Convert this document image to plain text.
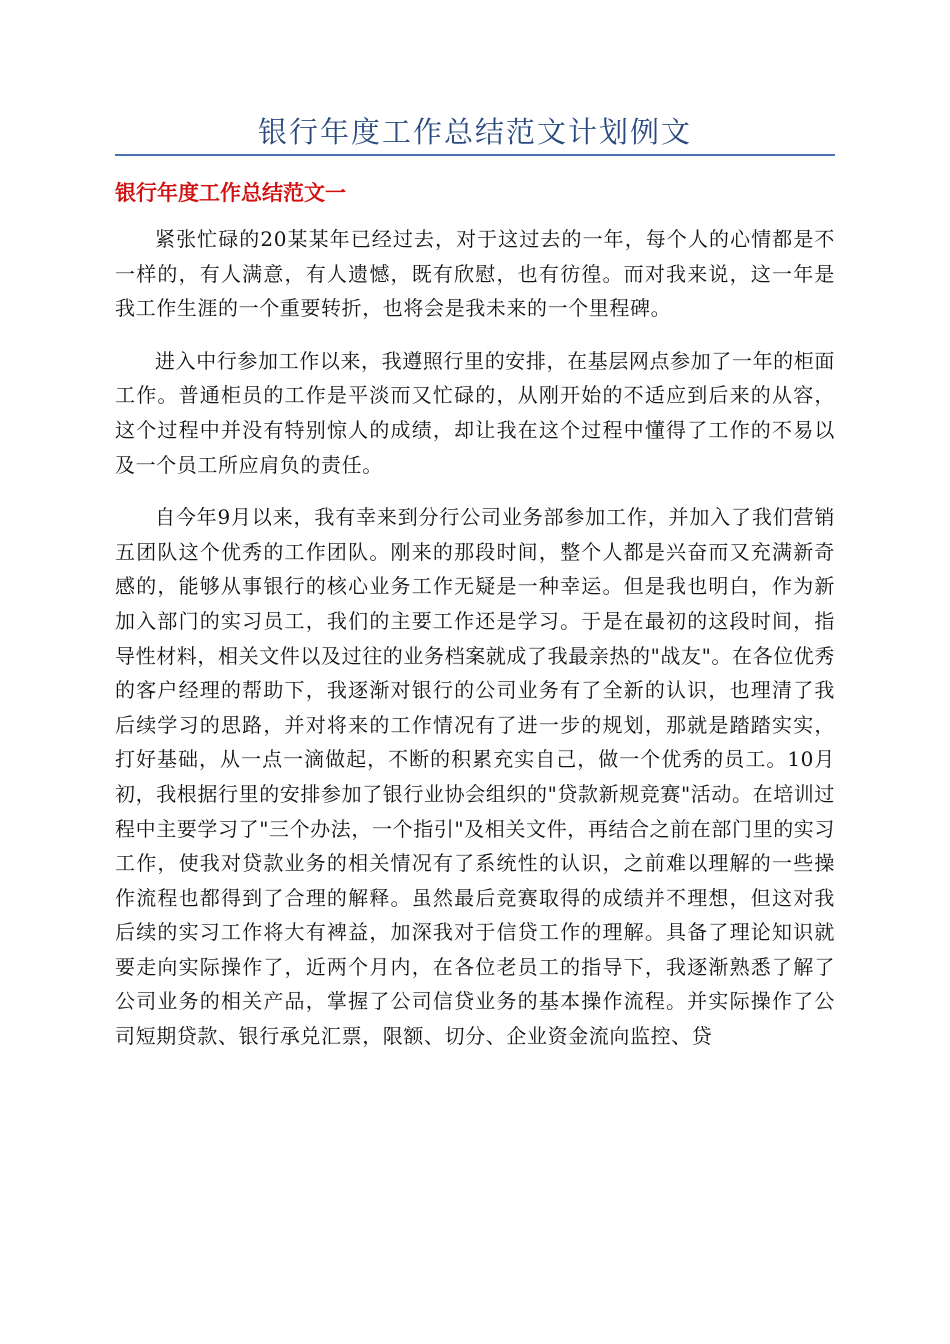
银行年度工作总结范文计划例文
银行年度工作总结范文一

紧张忙碌的20某某年已经过去，对于这过去的一年，每个人的心情都是不一样的，有人满意，有人遗憾，既有欣慰，也有彷徨。而对我来说，这一年是我工作生涯的一个重要转折，也将会是我未来的一个里程碑。

进入中行参加工作以来，我遵照行里的安排，在基层网点参加了一年的柜面工作。普通柜员的工作是平淡而又忙碌的，从刚开始的不适应到后来的从容，这个过程中并没有特别惊人的成绩，却让我在这个过程中懂得了工作的不易以及一个员工所应肩负的责任。

自今年9月以来，我有幸来到分行公司业务部参加工作，并加入了我们营销五团队这个优秀的工作团队。刚来的那段时间，整个人都是兴奋而又充满新奇感的，能够从事银行的核心业务工作无疑是一种幸运。但是我也明白，作为新加入部门的实习员工，我们的主要工作还是学习。于是在最初的这段时间，指导性材料，相关文件以及过往的业务档案就成了我最亲热的"战友"。在各位优秀的客户经理的帮助下，我逐渐对银行的公司业务有了全新的认识，也理清了我后续学习的思路，并对将来的工作情况有了进一步的规划，那就是踏踏实实，打好基础，从一点一滴做起，不断的积累充实自己，做一个优秀的员工。10月初，我根据行里的安排参加了银行业协会组织的"贷款新规竞赛"活动。在培训过程中主要学习了"三个办法，一个指引"及相关文件，再结合之前在部门里的实习工作，使我对贷款业务的相关情况有了系统性的认识，之前难以理解的一些操作流程也都得到了合理的解释。虽然最后竞赛取得的成绩并不理想，但这对我后续的实习工作将大有裨益，加深我对于信贷工作的理解。具备了理论知识就要走向实际操作了，近两个月内，在各位老员工的指导下，我逐渐熟悉了解了公司业务的相关产品，掌握了公司信贷业务的基本操作流程。并实际操作了公司短期贷款、银行承兑汇票，限额、切分、企业资金流向监控、贷
